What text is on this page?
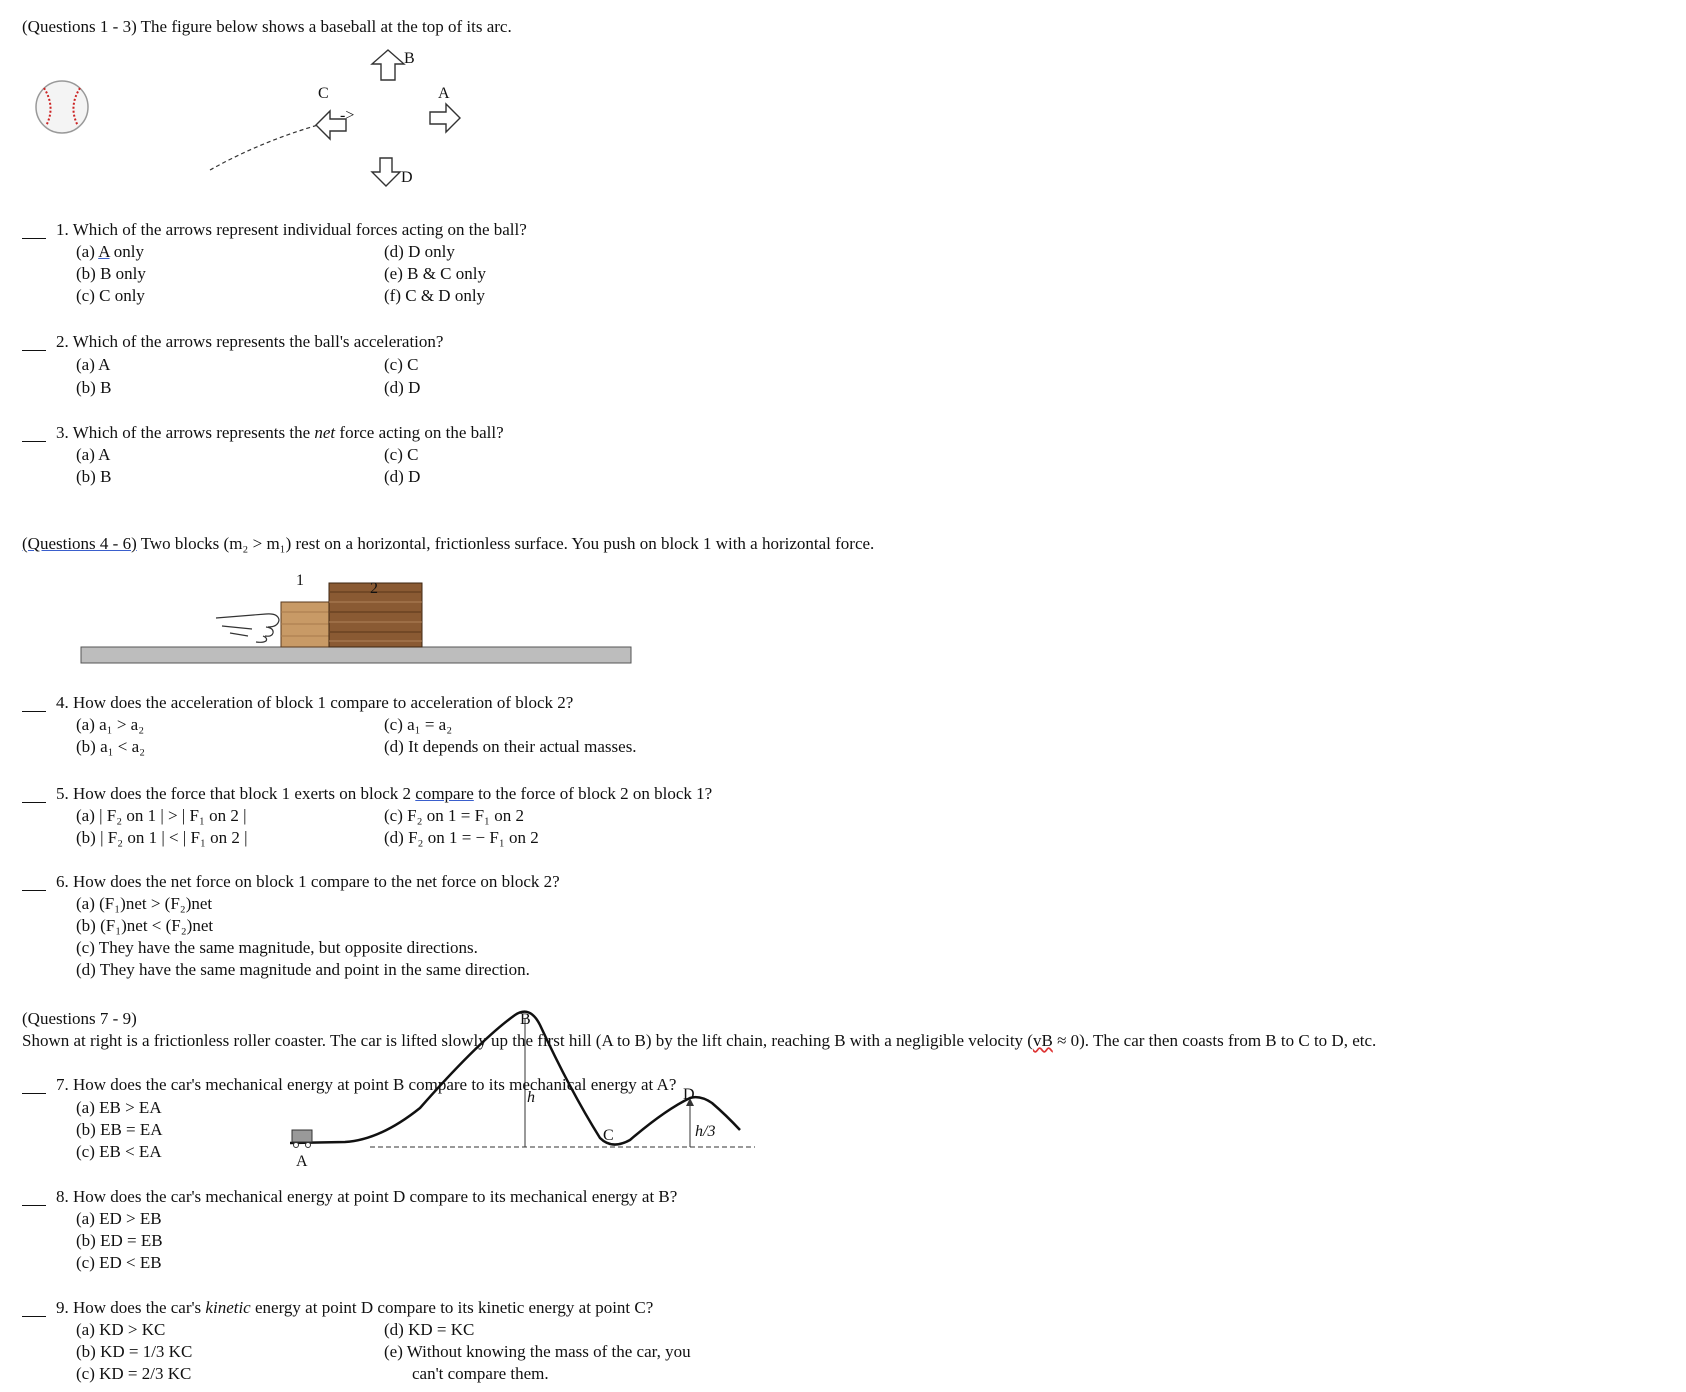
(Questions 1 - 3) The figure below shows a baseball at the top of its arc.
->
B
A
C
D
1. Which of the arrows represent individual forces acting on the ball?
(a) A only
(b) B only
(c) C only
(d) D only
(e) B & C only
(f) C & D only
2. Which of the arrows represents the ball's acceleration?
(a) A
(b) B
(c) C
(d) D
3. Which of the arrows represents the net force acting on the ball?
(a) A
(b) B
(c) C
(d) D
(Questions 4 - 6) Two blocks (m₂ > m₁) rest on a horizontal, frictionless surface. You push on block 1 with a horizontal force.
1	2
4. How does the acceleration of block 1 compare to acceleration of block 2?
(a) a₁ > a₂
(b) a₁ < a₂
(c) a₁ = a₂
(d) It depends on their actual masses.
5. How does the force that block 1 exerts on block 2 compare to the force of block 2 on block 1?
(a) | F₂ on 1 | > | F₁ on 2 |
(b) | F₂ on 1 | < | F₁ on 2 |
(c) F₂ on 1 = F₁ on 2
(d) F₂ on 1 = − F₁ on 2
6. How does the net force on block 1 compare to the net force on block 2?
(a) (F₁)net > (F₂)net
(b) (F₁)net < (F₂)net
(c) They have the same magnitude, but opposite directions.
(d) They have the same magnitude and point in the same direction.
(Questions 7 - 9)
Shown at right is a frictionless roller coaster. The car is lifted slowly up the first hill (A to B) by the lift chain, reaching B with a negligible velocity (vB ≈ 0). The car then coasts from B to C to D, etc.
h
h/3
A
B
C
D
7. How does the car's mechanical energy at point B compare to its mechanical energy at A?
(a) EB > EA
(b) EB = EA
(c) EB < EA
8. How does the car's mechanical energy at point D compare to its mechanical energy at B?
(a) ED > EB
(b) ED = EB
(c) ED < EB
9. How does the car's kinetic energy at point D compare to its kinetic energy at point C?
(a) KD > KC
(b) KD = 1/3 KC
(c) KD = 2/3 KC
(d) KD = KC
(e) Without knowing the mass of the car, you
can't compare them.
